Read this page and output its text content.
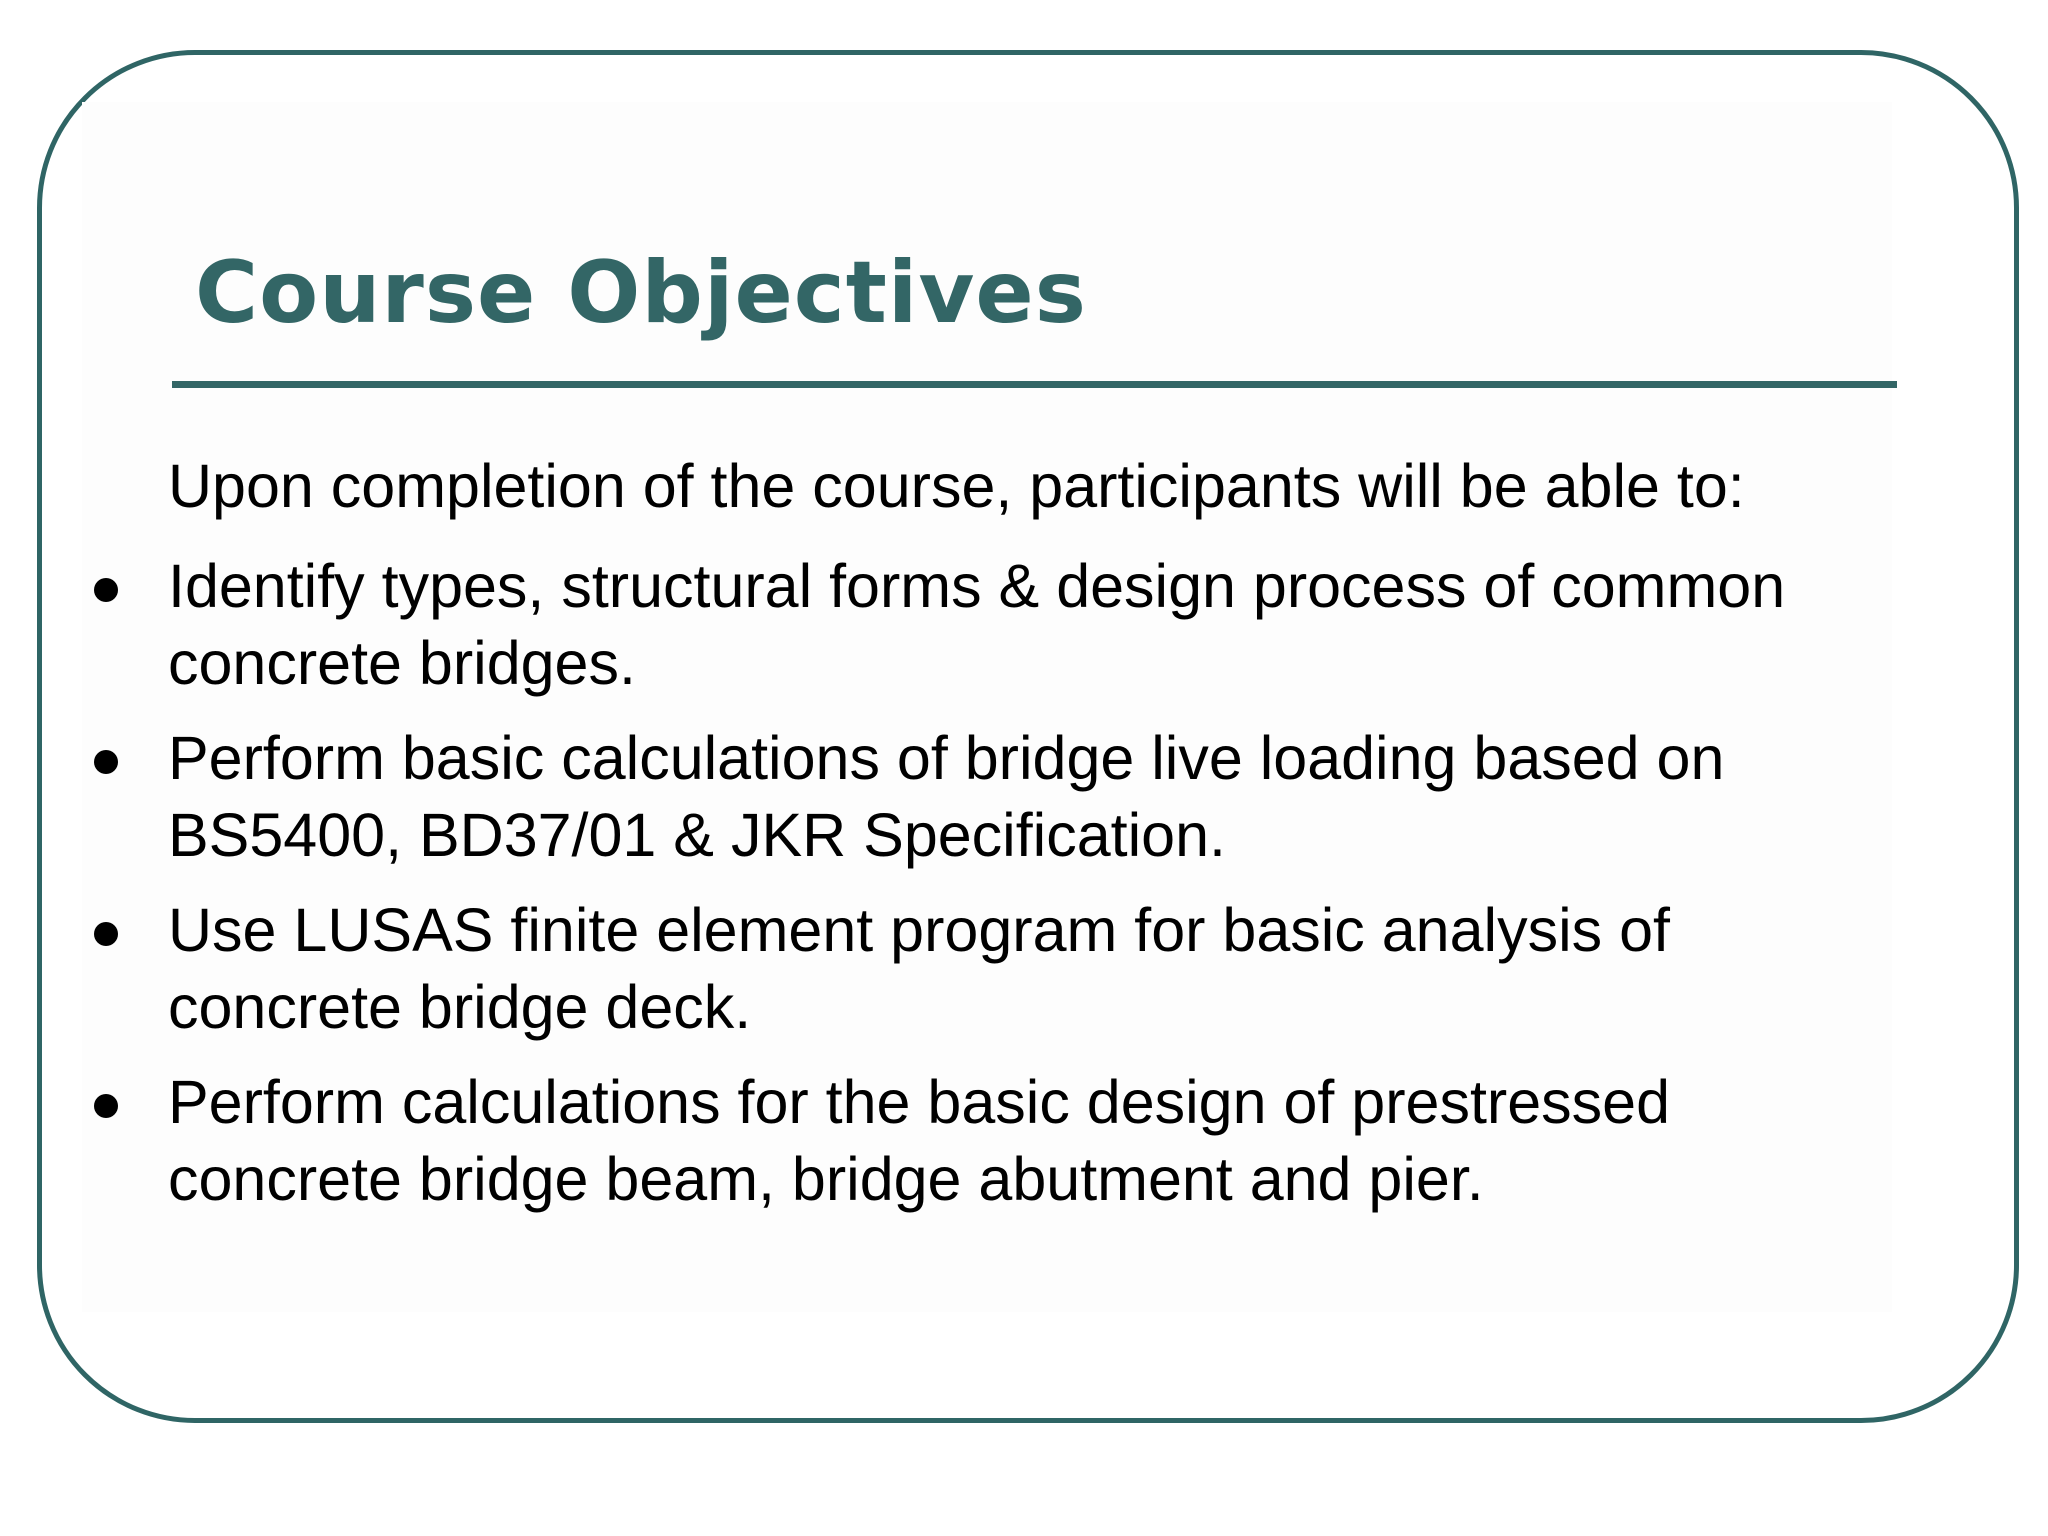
Course Objectives

Upon completion of the course, participants will be able to:

Identify types, structural forms & design process of common
concrete bridges.
Perform basic calculations of bridge live loading based on
BS5400, BD37/01 & JKR Specification.
Use LUSAS finite element program for basic analysis of
concrete bridge deck.
Perform calculations for the basic design of prestressed
concrete bridge beam, bridge abutment and pier.
